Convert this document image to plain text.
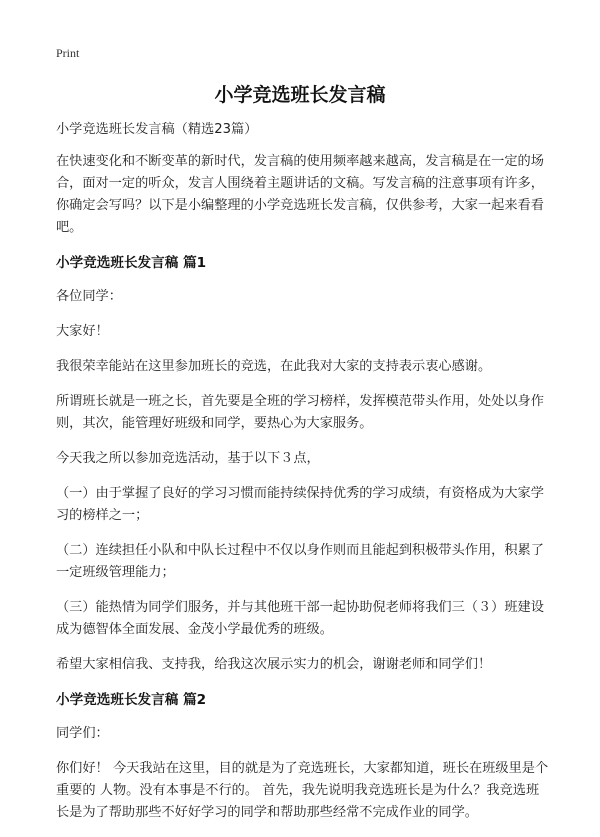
Print
小学竞选班长发言稿

小学竞选班长发言稿（精选23篇）

在快速变化和不断变革的新时代，发言稿的使用频率越来越高，发言稿是在一定的场合，面对一定的听众，发言人围绕着主题讲话的文稿。写发言稿的注意事项有许多，你确定会写吗？以下是小编整理的小学竞选班长发言稿，仅供参考，大家一起来看看吧。

小学竞选班长发言稿 篇1

各位同学：

大家好！

我很荣幸能站在这里参加班长的竞选，在此我对大家的支持表示衷心感谢。

所谓班长就是一班之长，首先要是全班的学习榜样，发挥模范带头作用，处处以身作则，其次，能管理好班级和同学，要热心为大家服务。

今天我之所以参加竞选活动，基于以下３点，

（一）由于掌握了良好的学习习惯而能持续保持优秀的学习成绩，有资格成为大家学习的榜样之一；

（二）连续担任小队和中队长过程中不仅以身作则而且能起到积极带头作用，积累了一定班级管理能力；

（三）能热情为同学们服务，并与其他班干部一起协助倪老师将我们三（３）班建设成为德智体全面发展、金茂小学最优秀的班级。

希望大家相信我、支持我，给我这次展示实力的机会，谢谢老师和同学们！

小学竞选班长发言稿 篇2

同学们：

你们好！ 今天我站在这里，目的就是为了竞选班长，大家都知道，班长在班级里是个重要的 人物。没有本事是不行的。 首先，我先说明我竞选班长是为什么？我竞选班长是为了帮助那些不好好学习的同学和帮助那些经常不完成作业的同学。
